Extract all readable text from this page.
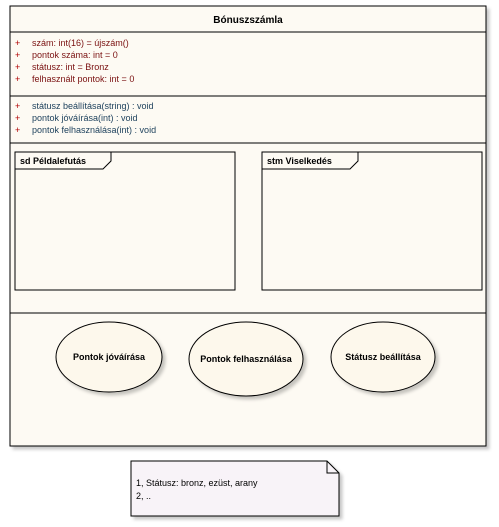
Bónuszszámla
+ szám: int(16) = újszám()
+ pontok száma: int = 0
+ státusz: int = Bronz
+ felhasznált pontok: int = 0
+ státusz beállítása(string) : void
+ pontok jóváírása(int) : void
+ pontok felhasználása(int) : void
sd Példalefutás	stm Viselkedés
Pontok jóváírása	Pontok felhasználása	Státusz beállítása
1, Státusz: bronz, ezüst, arany
2, ..
